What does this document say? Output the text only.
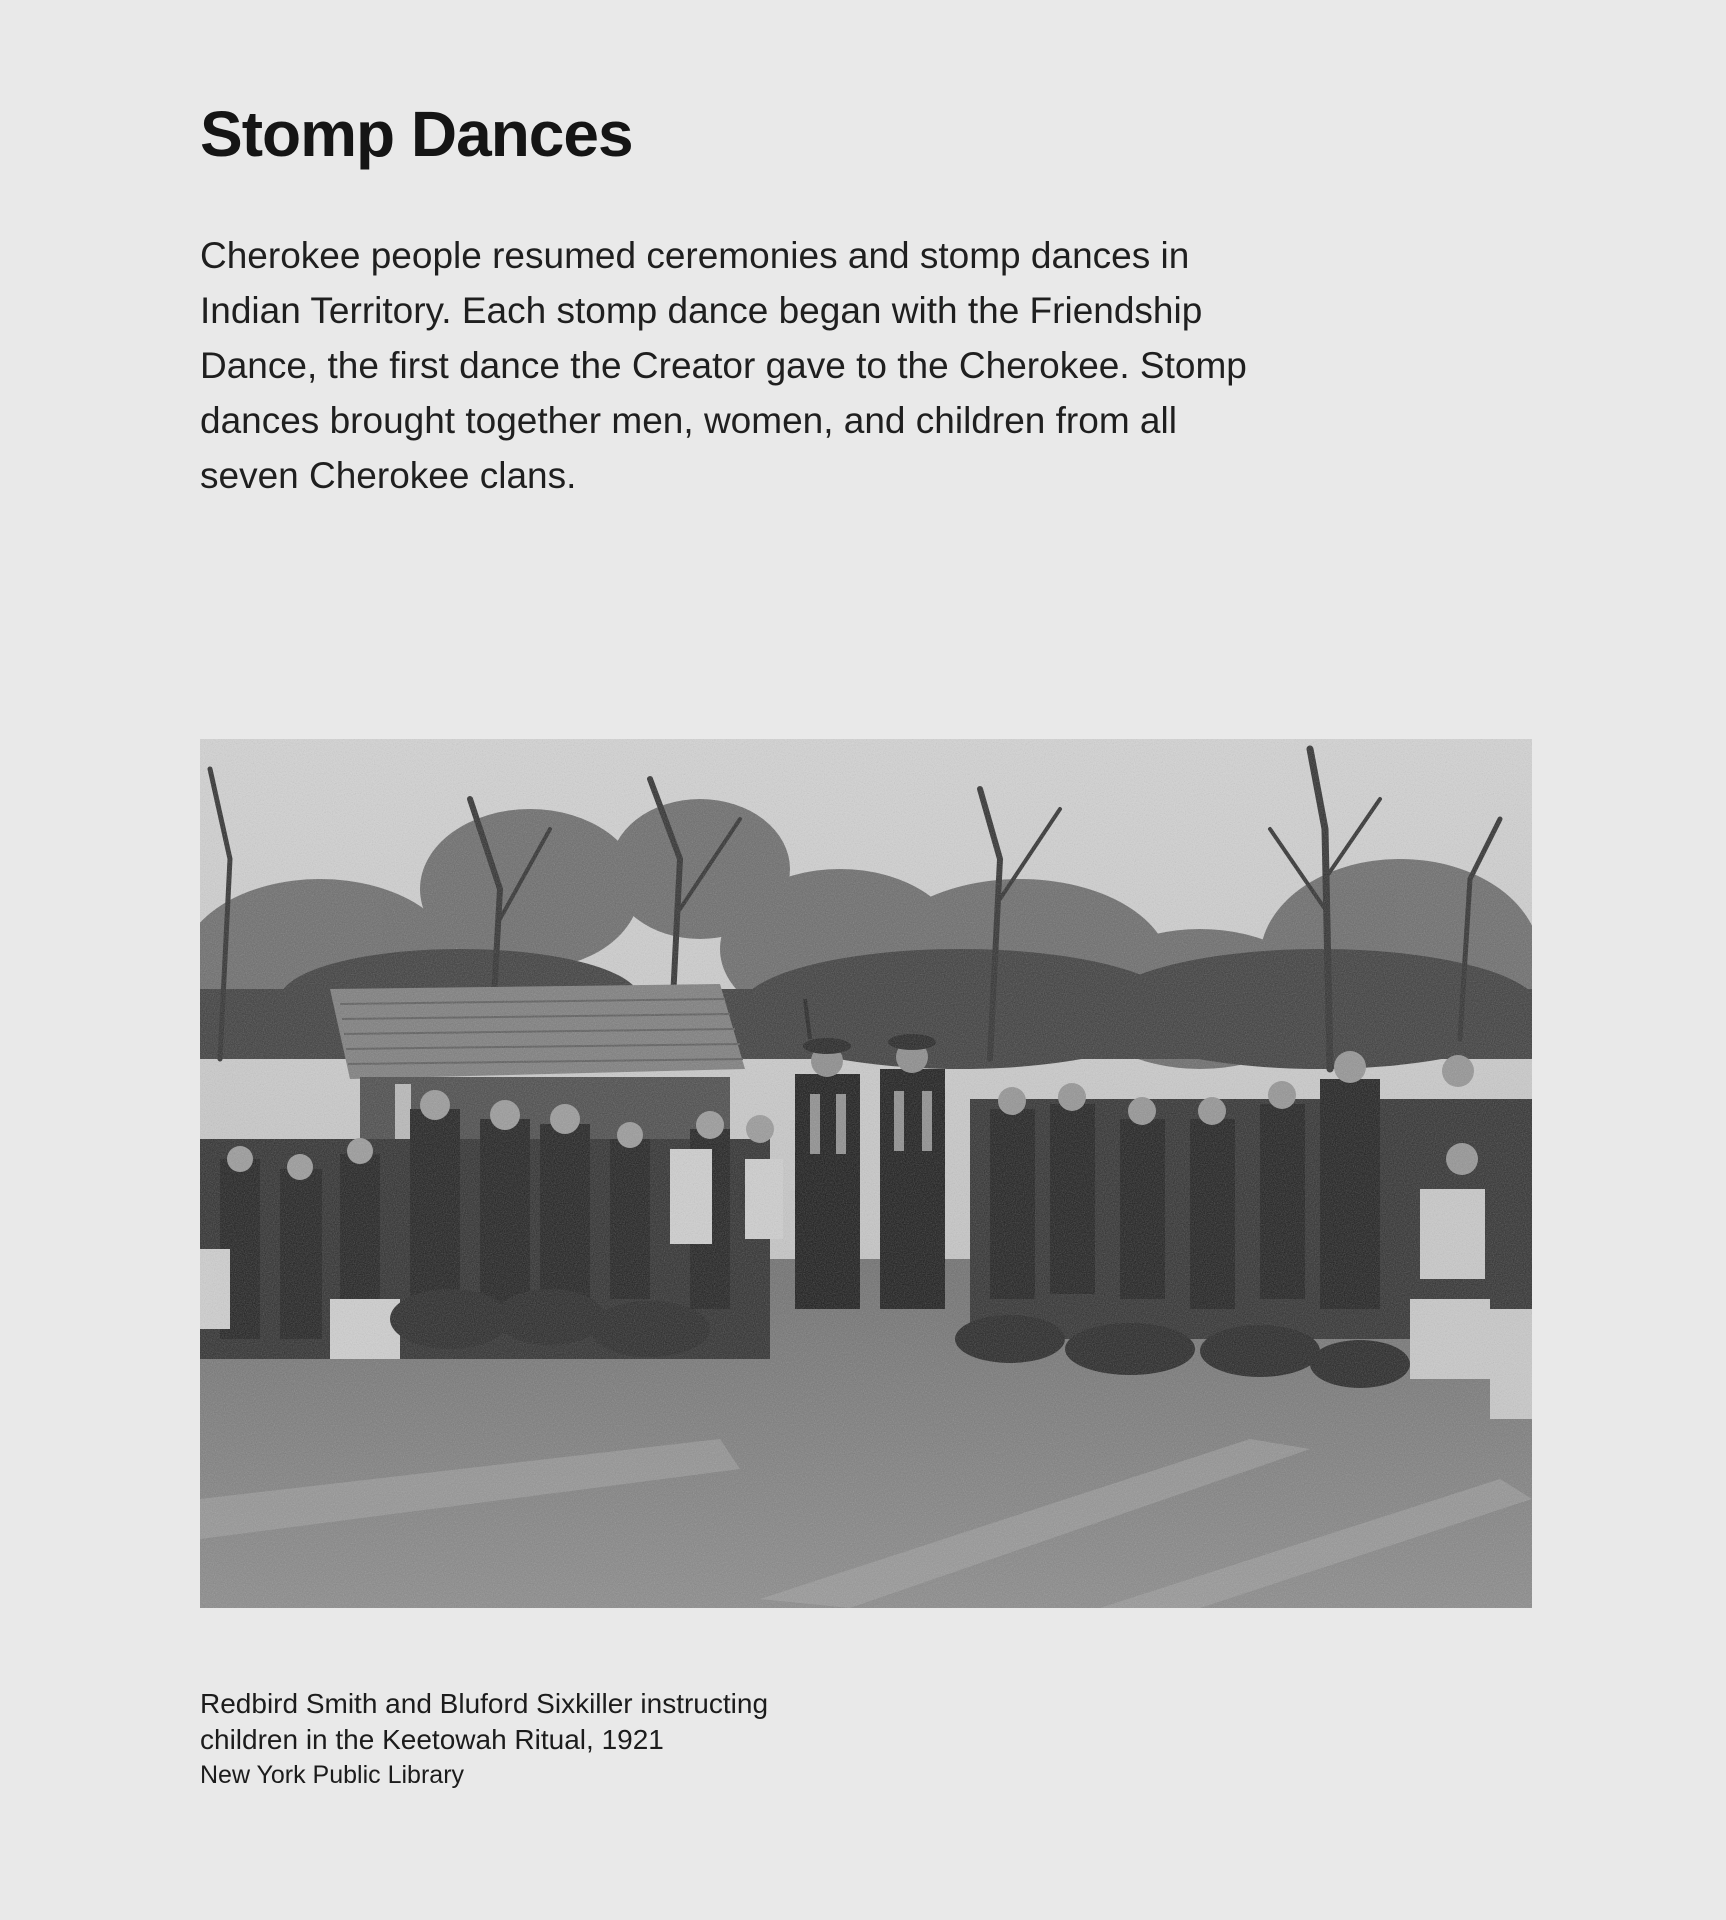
Stomp Dances

Cherokee people resumed ceremonies and stomp dances in Indian Territory. Each stomp dance began with the Friendship Dance, the first dance the Creator gave to the Cherokee. Stomp dances brought together men, women, and children from all seven Cherokee clans.

Redbird Smith and Bluford Sixkiller instructing
children in the Keetowah Ritual, 1921
New York Public Library
